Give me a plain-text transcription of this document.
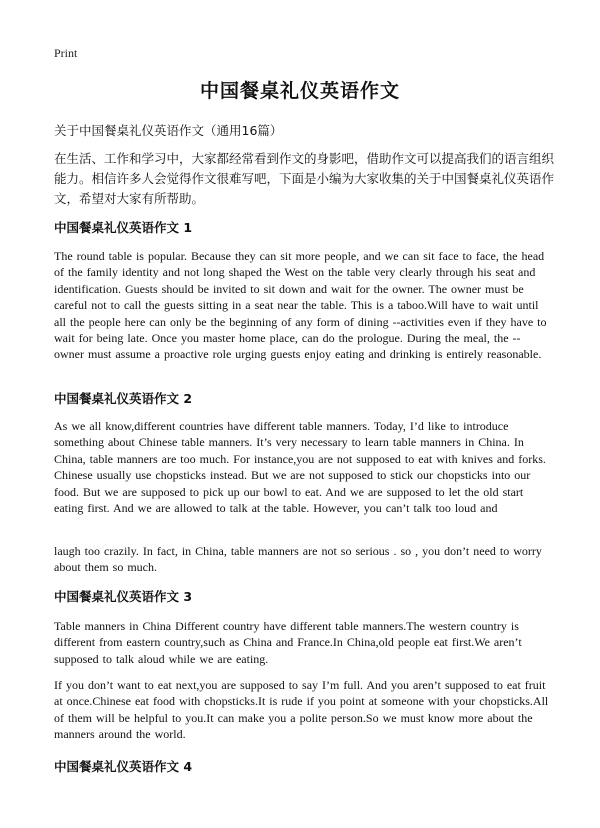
Print
中国餐桌礼仪英语作文

关于中国餐桌礼仪英语作文（通用16篇）

在生活、工作和学习中，大家都经常看到作文的身影吧，借助作文可以提高我们的语言组织能力。相信许多人会觉得作文很难写吧，下面是小编为大家收集的关于中国餐桌礼仪英语作文，希望对大家有所帮助。

中国餐桌礼仪英语作文 1

The round table is popular. Because they can sit more people, and we can sit face to face, the head of the family identity and not long shaped the West on the table very clearly through his seat and identification. Guests should be invited to sit down and wait for the owner. The owner must be careful not to call the guests sitting in a seat near the table. This is a taboo.Will have to wait until all the people here can only be the beginning of any form of dining --activities even if they have to wait for being late. Once you master home place, can do the prologue. During the meal, the --owner must assume a proactive role urging guests enjoy eating and drinking is entirely reasonable.

中国餐桌礼仪英语作文 2

As we all know,different countries have different table manners. Today, I’d like to introduce something about Chinese table manners. It’s very necessary to learn table manners in China. In China, table manners are too much. For instance,you are not supposed to eat with knives and forks. Chinese usually use chopsticks instead. But we are not supposed to stick our chopsticks into our food. But we are supposed to pick up our bowl to eat. And we are supposed to let the old start eating first. And we are allowed to talk at the table. However, you can’t talk too loud and

laugh too crazily. In fact, in China, table manners are not so serious . so , you don’t need to worry about them so much.

中国餐桌礼仪英语作文 3

Table manners in China Different country have different table manners.The western country is different from eastern country,such as China and France.In China,old people eat first.We aren’t supposed to talk aloud while we are eating.

If you don’t want to eat next,you are supposed to say I’m full. And you aren’t supposed to eat fruit at once.Chinese eat food with chopsticks.It is rude if you point at someone with your chopsticks.All of them will be helpful to you.It can make you a polite person.So we must know more about the manners around the world.

中国餐桌礼仪英语作文 4
